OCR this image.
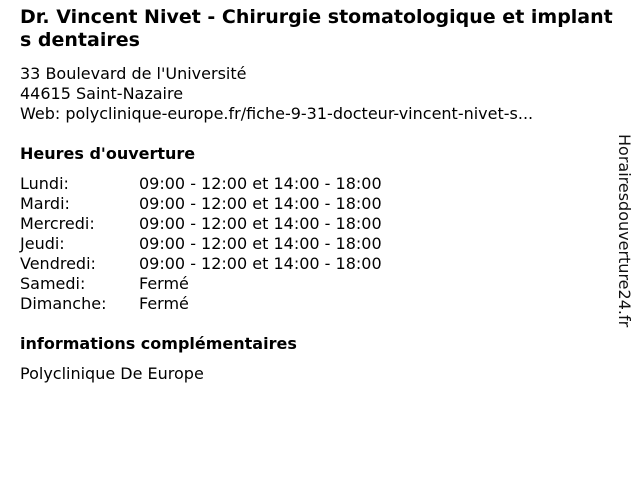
Dr. Vincent Nivet - Chirurgie stomatologique et implants dentaires
33 Boulevard de l'Université
44615 Saint-Nazaire
Web: polyclinique-europe.fr/fiche-9-31-docteur-vincent-nivet-s...
Heures d'ouverture
Lundi:	09:00 - 12:00 et 14:00 - 18:00
Mardi:	09:00 - 12:00 et 14:00 - 18:00
Mercredi:	09:00 - 12:00 et 14:00 - 18:00
Jeudi:	09:00 - 12:00 et 14:00 - 18:00
Vendredi:	09:00 - 12:00 et 14:00 - 18:00
Samedi:	Fermé
Dimanche:	Fermé
informations complémentaires
Polyclinique De Europe
Horairesdouverture24.fr
